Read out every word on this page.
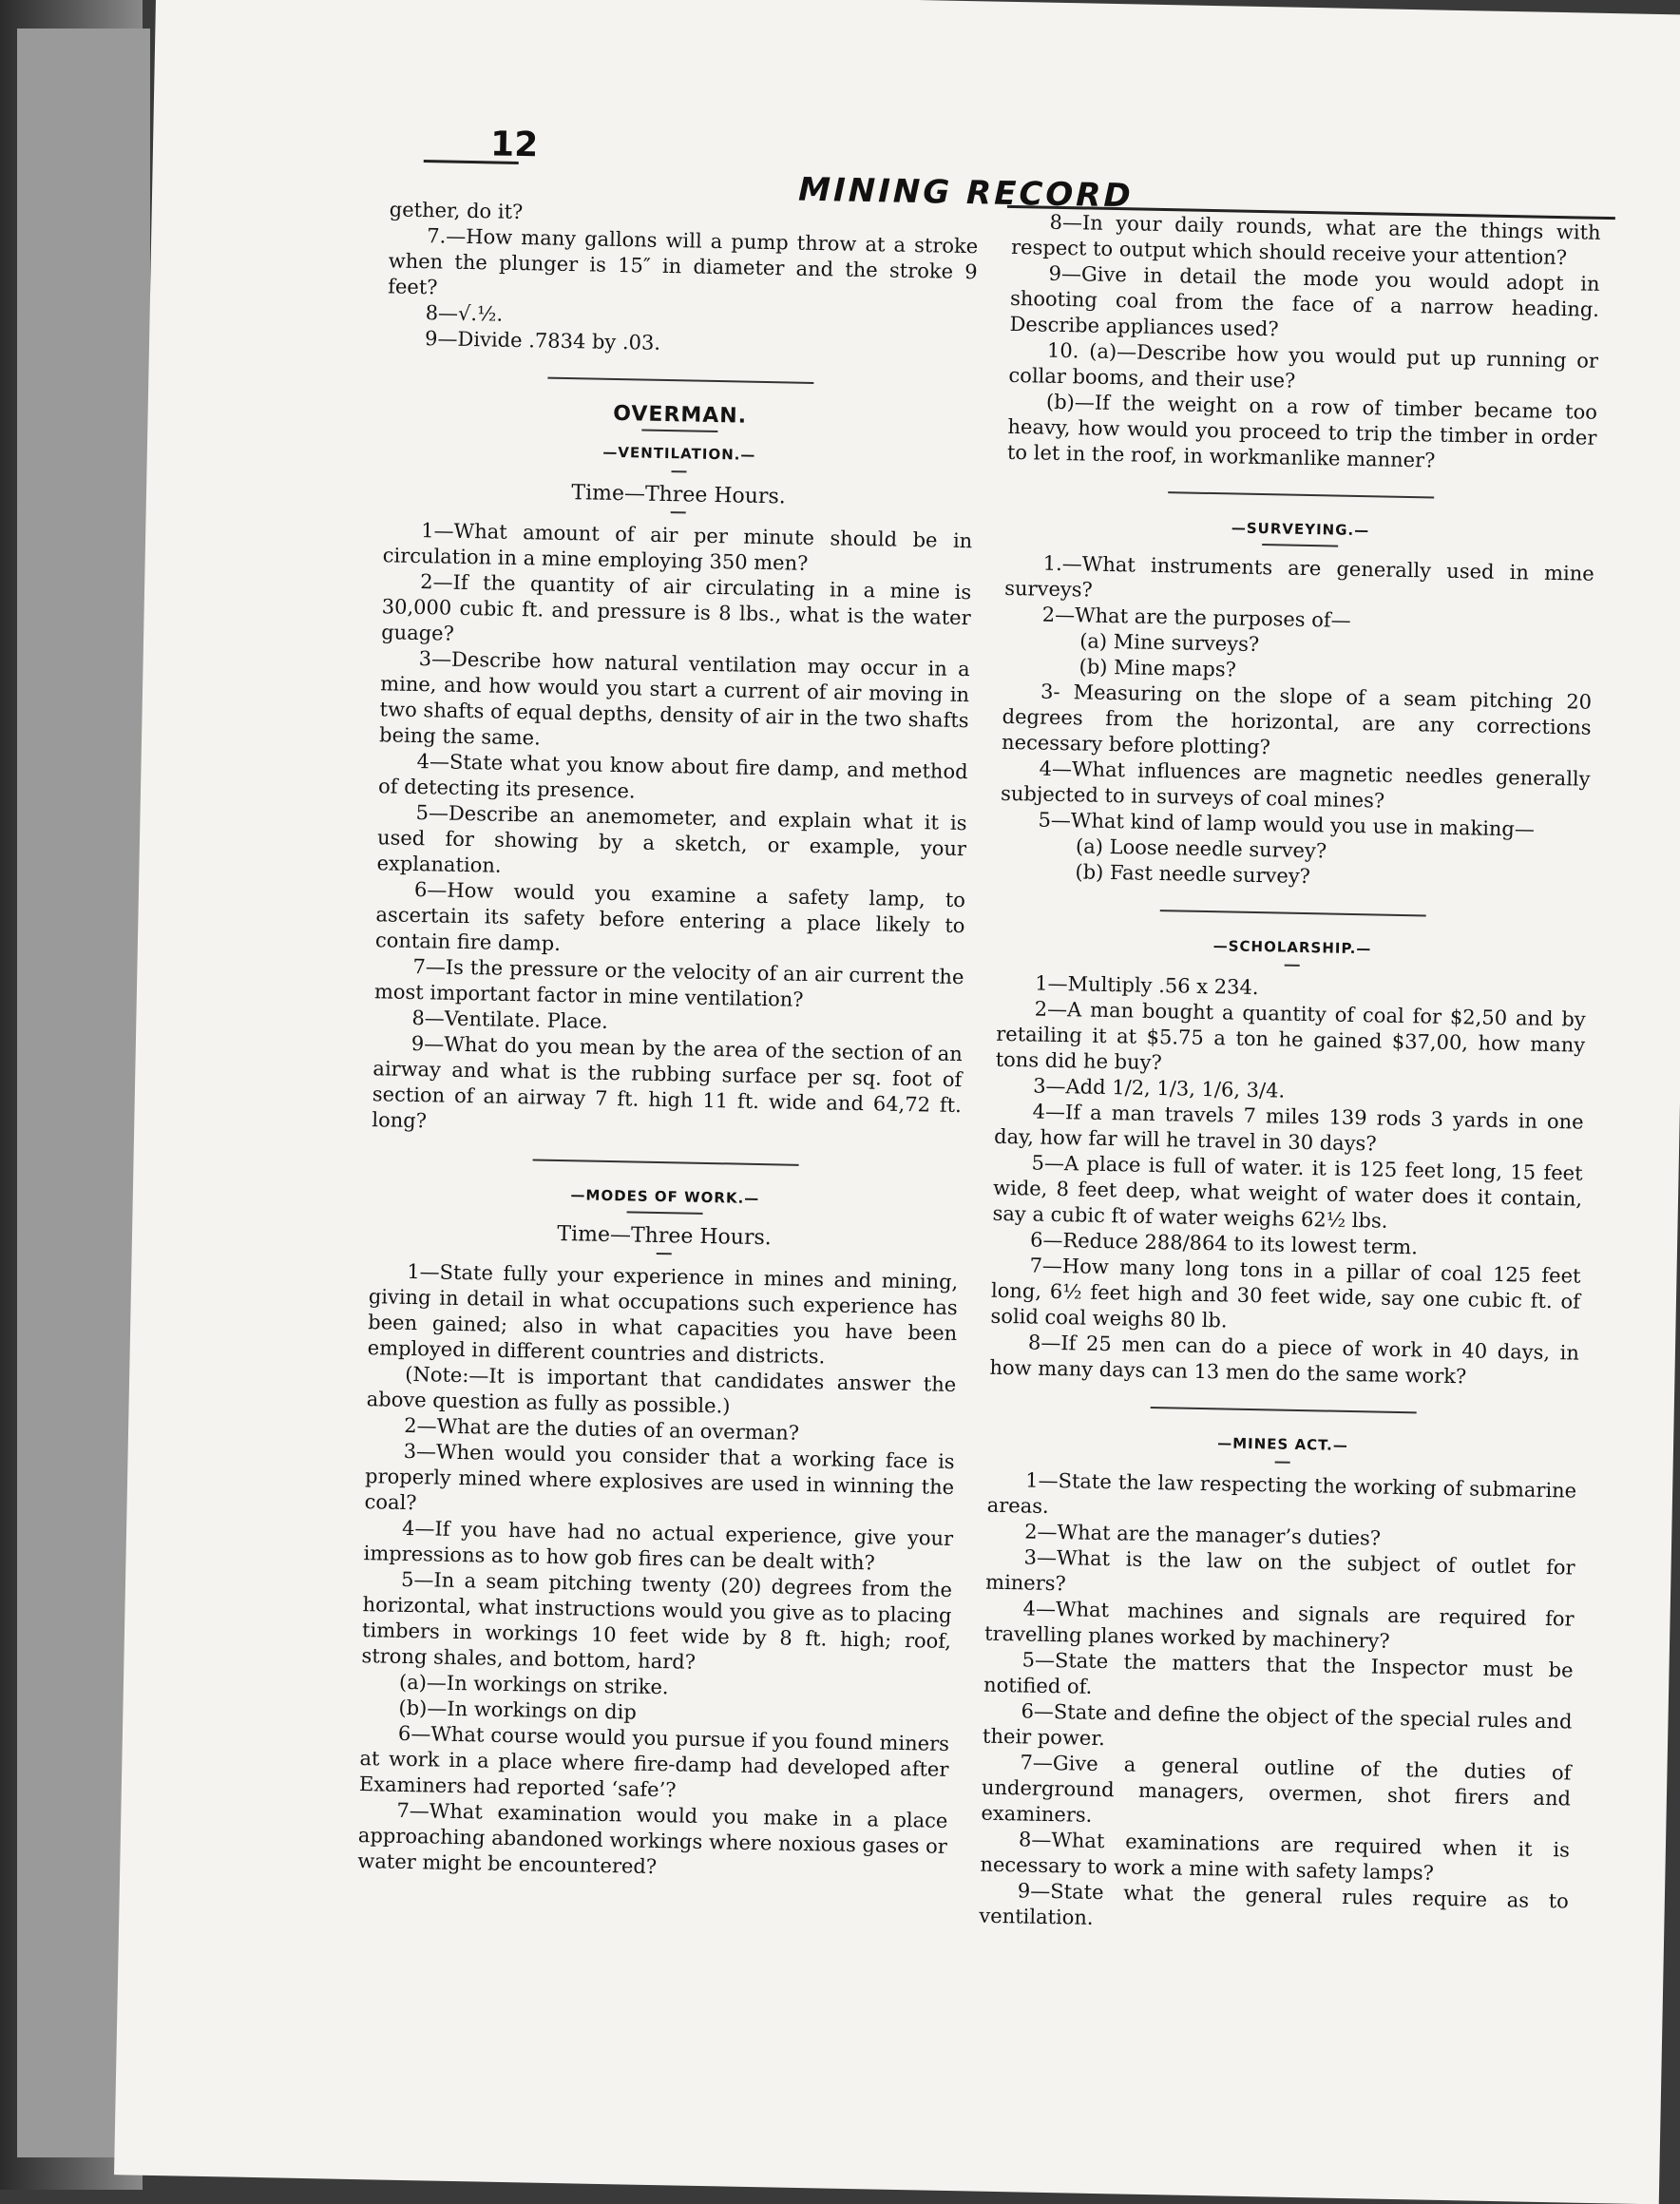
12
MINING RECORD

gether, do it?

7.—How many gallons will a pump throw at a stroke when the plunger is 15″ in diameter and the stroke 9 feet?

8—√.½.

9—Divide .7834 by .03.

OVERMAN.

—VENTILATION.—

Time—Three Hours.

1—What amount of air per minute should be in circulation in a mine employing 350 men?

2—If the quantity of air circulating in a mine is 30,000 cubic ft. and pressure is 8 lbs., what is the water guage?

3—Describe how natural ventilation may occur in a mine, and how would you start a current of air moving in two shafts of equal depths, density of air in the two shafts being the same.

4—State what you know about fire damp, and method of detecting its presence.

5—Describe an anemometer, and explain what it is used for showing by a sketch, or example, your explanation.

6—How would you examine a safety lamp, to ascertain its safety before entering a place likely to contain fire damp.

7—Is the pressure or the velocity of an air current the most important factor in mine ventilation?

8—Ventilate. Place.

9—What do you mean by the area of the section of an airway and what is the rubbing surface per sq. foot of section of an airway 7 ft. high 11 ft. wide and 64,72 ft. long?

—MODES OF WORK.—

Time—Three Hours.

1—State fully your experience in mines and mining, giving in detail in what occupations such experience has been gained; also in what capacities you have been employed in different countries and districts.

(Note:—It is important that candidates answer the above question as fully as possible.)

2—What are the duties of an overman?

3—When would you consider that a working face is properly mined where explosives are used in winning the coal?

4—If you have had no actual experience, give your impressions as to how gob fires can be dealt with?

5—In a seam pitching twenty (20) degrees from the horizontal, what instructions would you give as to placing timbers in workings 10 feet wide by 8 ft. high; roof, strong shales, and bottom, hard?

(a)—In workings on strike.

(b)—In workings on dip

6—What course would you pursue if you found miners at work in a place where fire-damp had developed after Examiners had reported ‘safe’?

7—What examination would you make in a place approaching abandoned workings where noxious gases or water might be encountered?

8—In your daily rounds, what are the things with respect to output which should receive your attention?

9—Give in detail the mode you would adopt in shooting coal from the face of a narrow heading. Describe appliances used?

10. (a)—Describe how you would put up running or collar booms, and their use?

(b)—If the weight on a row of timber became too heavy, how would you proceed to trip the timber in order to let in the roof, in workmanlike manner?

—SURVEYING.—

1.—What instruments are generally used in mine surveys?

2—What are the purposes of—

(a) Mine surveys?

(b) Mine maps?

3- Measuring on the slope of a seam pitching 20 degrees from the horizontal, are any corrections necessary before plotting?

4—What influences are magnetic needles generally subjected to in surveys of coal mines?

5—What kind of lamp would you use in making—

(a) Loose needle survey?

(b) Fast needle survey?

—SCHOLARSHIP.—

1—Multiply .56 x 234.

2—A man bought a quantity of coal for $2,50 and by retailing it at $5.75 a ton he gained $37,00, how many tons did he buy?

3—Add 1/2, 1/3, 1/6, 3/4.

4—If a man travels 7 miles 139 rods 3 yards in one day, how far will he travel in 30 days?

5—A place is full of water. it is 125 feet long, 15 feet wide, 8 feet deep, what weight of water does it contain, say a cubic ft of water weighs 62½ lbs.

6—Reduce 288/864 to its lowest term.

7—How many long tons in a pillar of coal 125 feet long, 6½ feet high and 30 feet wide, say one cubic ft. of solid coal weighs 80 lb.

8—If 25 men can do a piece of work in 40 days, in how many days can 13 men do the same work?

—MINES ACT.—

1—State the law respecting the working of submarine areas.

2—What are the manager’s duties?

3—What is the law on the subject of outlet for miners?

4—What machines and signals are required for travelling planes worked by machinery?

5—State the matters that the Inspector must be notified of.

6—State and define the object of the special rules and their power.

7—Give a general outline of the duties of underground managers, overmen, shot firers and examiners.

8—What examinations are required when it is necessary to work a mine with safety lamps?

9—State what the general rules require as to ventilation.
